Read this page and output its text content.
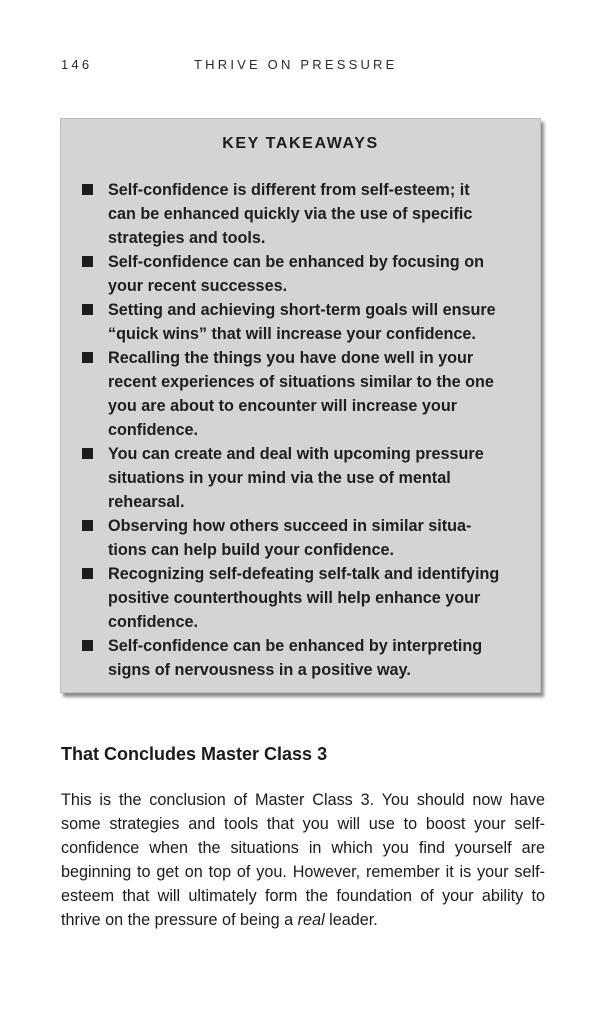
146	THRIVE ON PRESSURE
KEY TAKEAWAYS
Self-confidence is different from self-esteem; it
can be enhanced quickly via the use of specific
strategies and tools.
Self-confidence can be enhanced by focusing on
your recent successes.
Setting and achieving short-term goals will ensure
“quick wins” that will increase your confidence.
Recalling the things you have done well in your
recent experiences of situations similar to the one
you are about to encounter will increase your
confidence.
You can create and deal with upcoming pressure
situations in your mind via the use of mental
rehearsal.
Observing how others succeed in similar situa-
tions can help build your confidence.
Recognizing self-defeating self-talk and identifying
positive counterthoughts will help enhance your
confidence.
Self-confidence can be enhanced by interpreting
signs of nervousness in a positive way.
That Concludes Master Class 3

This is the conclusion of Master Class 3. You should now have some strategies and tools that you will use to boost your self-confidence when the situations in which you find yourself are beginning to get on top of you. However, remember it is your self-esteem that will ultimately form the foundation of your ability to thrive on the pressure of being a real leader.
